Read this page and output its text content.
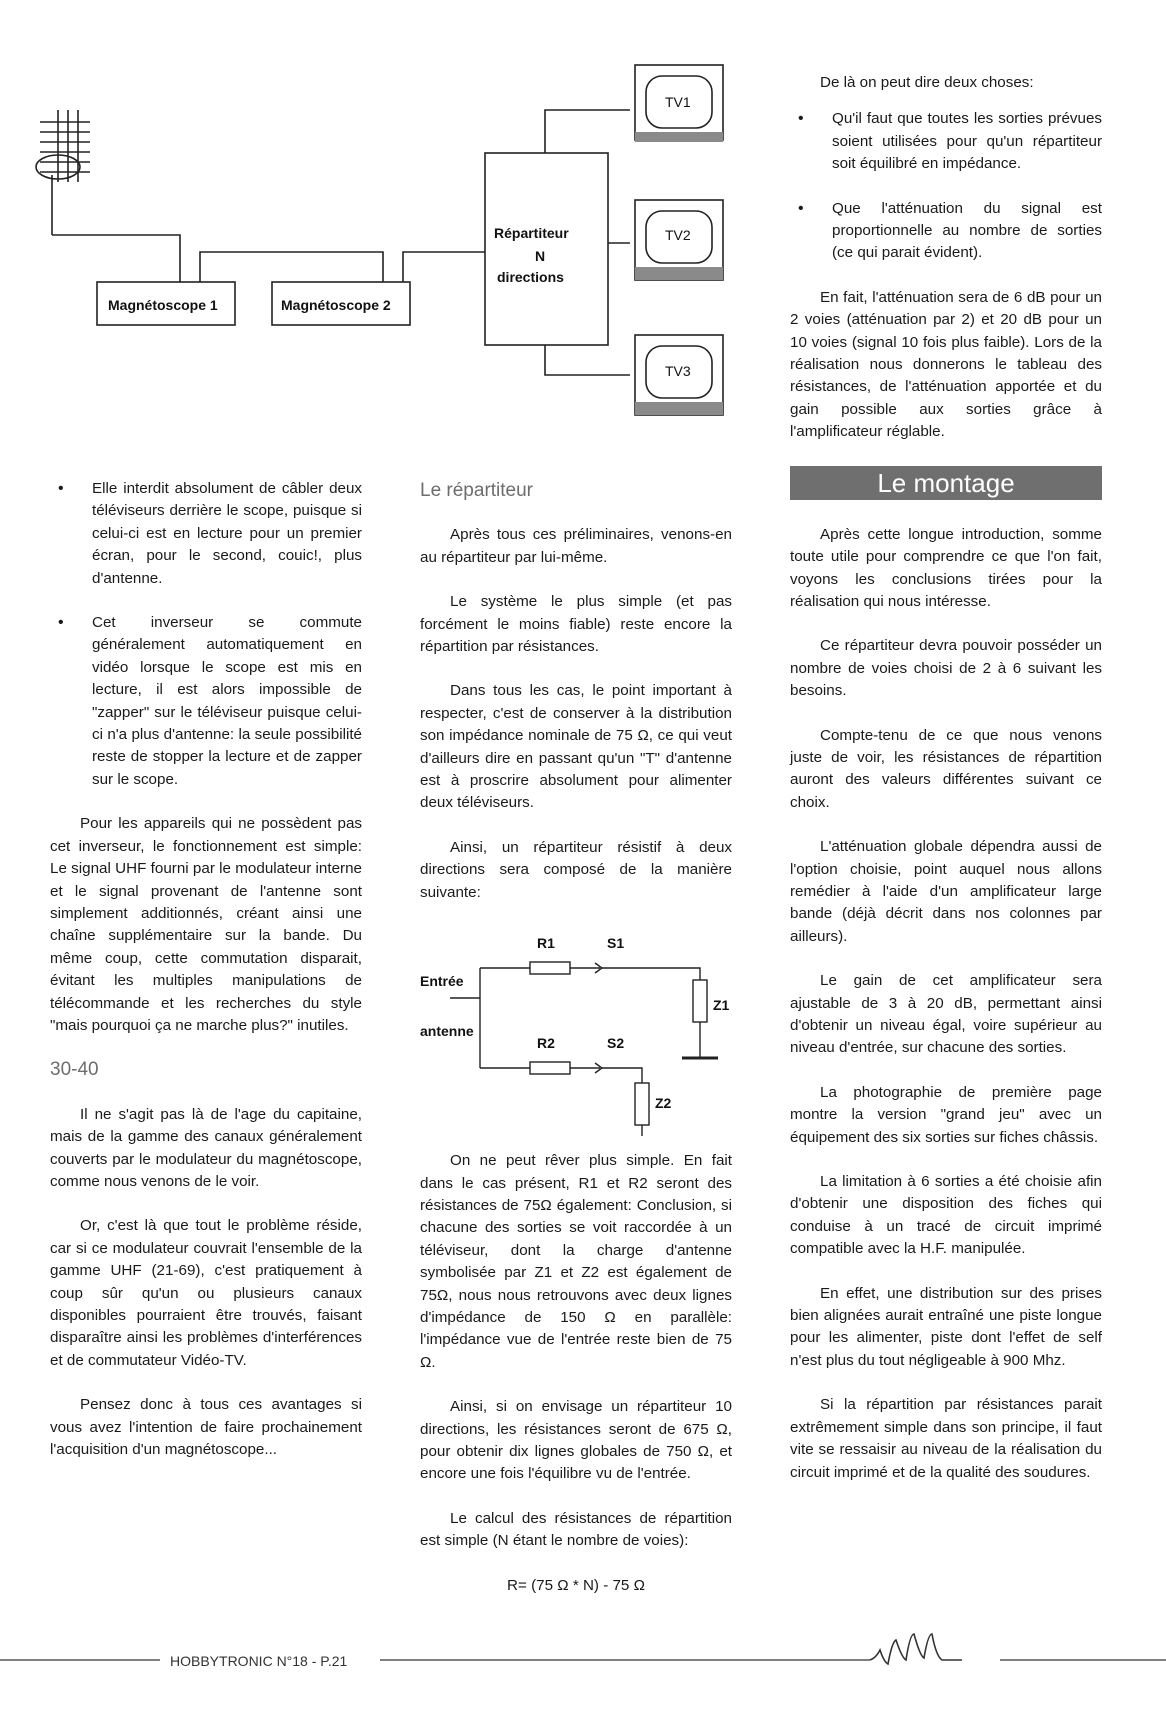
Magnétoscope 1	Magnétoscope 2
Répartiteur
N
directions
TV1
TV2
TV3
• Elle interdit absolument de câbler deux téléviseurs derrière le scope, puisque si celui-ci est en lecture pour un premier écran, pour le second, couic!, plus d'antenne.
• Cet inverseur se commute généralement automatiquement en vidéo lorsque le scope est mis en lecture, il est alors impossible de "zapper" sur le téléviseur puisque celui-ci n'a plus d'antenne: la seule possibilité reste de stopper la lecture et de zapper sur le scope.

Pour les appareils qui ne possèdent pas cet inverseur, le fonctionnement est simple: Le signal UHF fourni par le modulateur interne et le signal provenant de l'antenne sont simplement additionnés, créant ainsi une chaîne supplémentaire sur la bande. Du même coup, cette commutation disparait, évitant les multiples manipulations de télécommande et les recherches du style "mais pourquoi ça ne marche plus?" inutiles.

30-40

Il ne s'agit pas là de l'age du capitaine, mais de la gamme des canaux généralement couverts par le modulateur du magnétoscope, comme nous venons de le voir.

Or, c'est là que tout le problème réside, car si ce modulateur couvrait l'ensemble de la gamme UHF (21-69), c'est pratiquement à coup sûr qu'un ou plusieurs canaux disponibles pourraient être trouvés, faisant disparaître ainsi les problèmes d'interférences et de commutateur Vidéo-TV.

Pensez donc à tous ces avantages si vous avez l'intention de faire prochainement l'acquisition d'un magnétoscope...

Le répartiteur

Après tous ces préliminaires, venons-en au répartiteur par lui-même.

Le système le plus simple (et pas forcément le moins fiable) reste encore la répartition par résistances.

Dans tous les cas, le point important à respecter, c'est de conserver à la distribution son impédance nominale de 75 Ω, ce qui veut d'ailleurs dire en passant qu'un "T" d'antenne est à proscrire absolument pour alimenter deux téléviseurs.

Ainsi, un répartiteur résistif à deux directions sera composé de la manière suivante:

R1	S1
R2	S2
Z1
Z2
Entrée
antenne

On ne peut rêver plus simple. En fait dans le cas présent, R1 et R2 seront des résistances de 75Ω également: Conclusion, si chacune des sorties se voit raccordée à un téléviseur, dont la charge d'antenne symbolisée par Z1 et Z2 est également de 75Ω, nous nous retrouvons avec deux lignes d'impédance de 150 Ω en parallèle: l'impédance vue de l'entrée reste bien de 75 Ω.

Ainsi, si on envisage un répartiteur 10 directions, les résistances seront de 675 Ω, pour obtenir dix lignes globales de 750 Ω, et encore une fois l'équilibre vu de l'entrée.

Le calcul des résistances de répartition est simple (N étant le nombre de voies):

R= (75 Ω * N) - 75 Ω

De là on peut dire deux choses:

• Qu'il faut que toutes les sorties prévues soient utilisées pour qu'un répartiteur soit équilibré en impédance.
• Que l'atténuation du signal est proportionnelle au nombre de sorties (ce qui parait évident).

En fait, l'atténuation sera de 6 dB pour un 2 voies (atténuation par 2) et 20 dB pour un 10 voies (signal 10 fois plus faible). Lors de la réalisation nous donnerons le tableau des résistances, de l'atténuation apportée et du gain possible aux sorties grâce à l'amplificateur réglable.

Le montage

Après cette longue introduction, somme toute utile pour comprendre ce que l'on fait, voyons les conclusions tirées pour la réalisation qui nous intéresse.

Ce répartiteur devra pouvoir posséder un nombre de voies choisi de 2 à 6 suivant les besoins.

Compte-tenu de ce que nous venons juste de voir, les résistances de répartition auront des valeurs différentes suivant ce choix.

L'atténuation globale dépendra aussi de l'option choisie, point auquel nous allons remédier à l'aide d'un amplificateur large bande (déjà décrit dans nos colonnes par ailleurs).

Le gain de cet amplificateur sera ajustable de 3 à 20 dB, permettant ainsi d'obtenir un niveau égal, voire supérieur au niveau d'entrée, sur chacune des sorties.

La photographie de première page montre la version "grand jeu" avec un équipement des six sorties sur fiches châssis.

La limitation à 6 sorties a été choisie afin d'obtenir une disposition des fiches qui conduise à un tracé de circuit imprimé compatible avec la H.F. manipulée.

En effet, une distribution sur des prises bien alignées aurait entraîné une piste longue pour les alimenter, piste dont l'effet de self n'est plus du tout négligeable à 900 Mhz.

Si la répartition par résistances parait extrêmement simple dans son principe, il faut vite se ressaisir au niveau de la réalisation du circuit imprimé et de la qualité des soudures.

HOBBYTRONIC N°18 - P.21
